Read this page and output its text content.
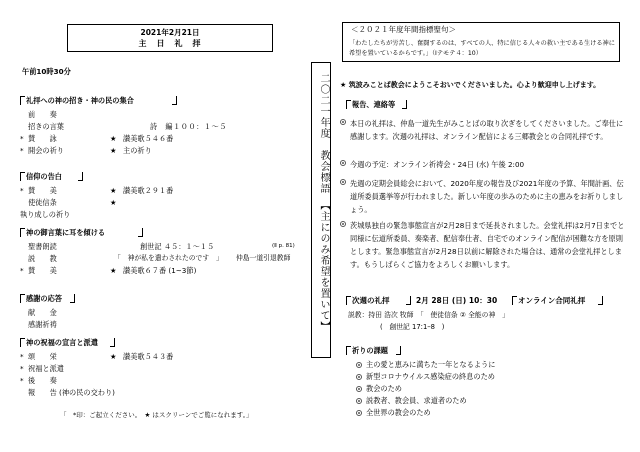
2021年2月21日
主　日　礼　拝
午前10時30分
礼拝への神の招き・神の民の集合
前　　奏
招きの言葉	詩　編１００：１～５
* 賛　　詠	★ 讃美歌５４６番
* 開会の祈り	★ 主の祈り
信仰の告白
* 賛　　美	★ 讃美歌２９１番
使徒信条	★
執り成しの祈り
神の御言葉に耳を傾ける
聖書朗読	創世記 ４５：１～１５	(Ⅱ p. 81)
説　　教	「　神が私を遣わされたのです　」 仲島一道引退教師
* 賛　　美	★ 讃美歌６７番 (1~3節)
感謝の応答
献　　金
感謝祈祷
神の祝福の宣言と派遣
* 頌　　栄	★ 讃美歌５４３番
* 祝福と派遣
* 後　　奏
報　　告 (神の民の交わり)
「　*印：ご起立ください。　★ はスクリーンでご覧になれます。」
二〇二一年度　教会標語　【主にのみ希望を置いて】
＜２０２１年度年間指標聖句＞
「わたしたちが労苦し、奮闘するのは、すべての人、特に信じる人々の救い主である生ける神に希望を置いているからです。」（Ⅰテモテ４：10）
★ 筑波みことば教会にようこそおいでくださいました。心より歓迎申し上げます。
報告、連絡等
本日の礼拝は、仲島一道先生がみことばの取り次ぎをしてくださいました。ご奉仕に感謝します。次週の礼拝は、オンライン配信による三郷教会との合同礼拝です。
今週の予定：オンライン祈祷会・24日 (水) 午後 2:00
先週の定期会員総会において、2020年度の報告及び2021年度の予算、年間計画、伝道所委員選挙等が行われました。新しい年度の歩みのために主の恵みをお祈りしましょう。
茨城県独自の緊急事態宣言が2月28日まで延長されました。会堂礼拝は2月7日までと同様に伝道所委員、奏楽者、配信奉仕者、自宅でのオンライン配信が困難な方を原則とします。緊急事態宣言が2月28日以前に解除された場合は、通常の会堂礼拝とします。もうしばらくご協力をよろしくお願いします。
次週の礼拝	2月 28日 (日) 10：30	オンライン合同礼拝
説教：持田 浩次 牧師　「　使徒信条 ② 全能の神　」
(　創世記 17:1–8　)
祈りの課題
主の愛と恵みに満ちた一年となるように
新型コロナウイルス感染症の終息のため
教会のため
説教者、教会員、求道者のため
全世界の教会のため
